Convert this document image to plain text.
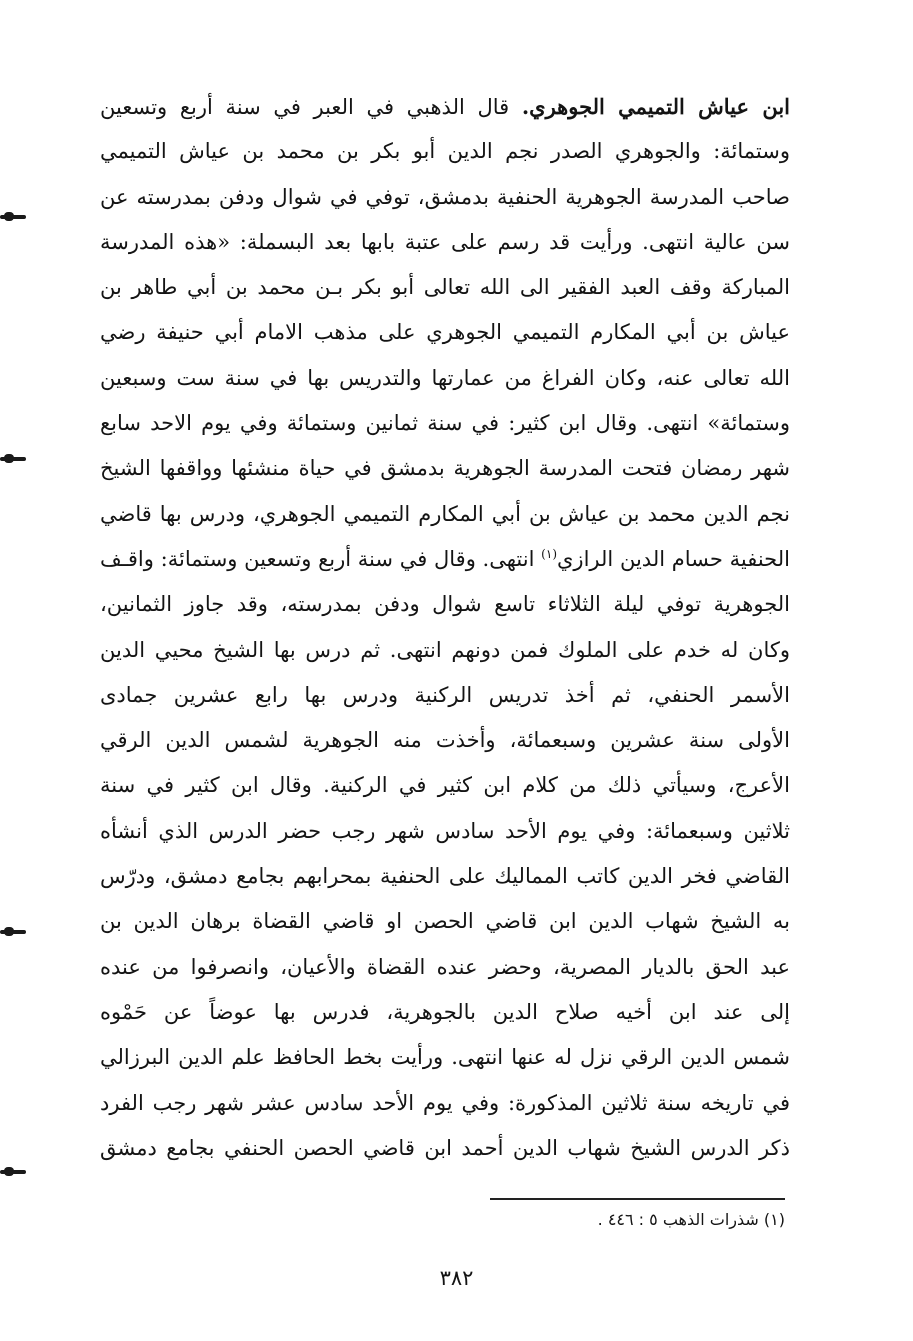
ابن عياش التميمي الجوهري. قال الذهبي في العبر في سنة أربع وتسعين
وستمائة: والجوهري الصدر نجم الدين أبو بكر بن محمد بن عياش التميمي
صاحب المدرسة الجوهرية الحنفية بدمشق، توفي في شوال ودفن بمدرسته عن
سن عالية انتهى. ورأيت قد رسم على عتبة بابها بعد البسملة: «هذه المدرسة
المباركة وقف العبد الفقير الى الله تعالى أبو بكر بـن محمد بن أبي طاهر بن
عياش بن أبي المكارم التميمي الجوهري على مذهب الامام أبي حنيفة رضي
الله تعالى عنه، وكان الفراغ من عمارتها والتدريس بها في سنة ست وسبعين
وستمائة» انتهى. وقال ابن كثير: في سنة ثمانين وستمائة وفي يوم الاحد سابع
شهر رمضان فتحت المدرسة الجوهرية بدمشق في حياة منشئها وواقفها الشيخ
نجم الدين محمد بن عياش بن أبي المكارم التميمي الجوهري، ودرس بها قاضي
الحنفية حسام الدين الرازي$^{(١)}$ انتهى. وقال في سنة أربع وتسعين وستمائة: واقـف
الجوهرية توفي ليلة الثلاثاء تاسع شوال ودفن بمدرسته، وقد جاوز الثمانين،
وكان له خدم على الملوك فمن دونهم انتهى. ثم درس بها الشيخ محيي الدين
الأسمر الحنفي، ثم أخذ تدريس الركنية ودرس بها رابع عشرين جمادى
الأولى سنة عشرين وسبعمائة، وأخذت منه الجوهرية لشمس الدين الرقي
الأعرج، وسيأتي ذلك من كلام ابن كثير في الركنية. وقال ابن كثير في سنة
ثلاثين وسبعمائة: وفي يوم الأحد سادس شهر رجب حضر الدرس الذي أنشأه
القاضي فخر الدين كاتب المماليك على الحنفية بمحرابهم بجامع دمشق، ودرّس
به الشيخ شهاب الدين ابن قاضي الحصن او قاضي القضاة برهان الدين بن
عبد الحق بالديار المصرية، وحضر عنده القضاة والأعيان، وانصرفوا من عنده
إلى عند ابن أخيه صلاح الدين بالجوهرية، فدرس بها عوضاً عن حَمْوه
شمس الدين الرقي نزل له عنها انتهى. ورأيت بخط الحافظ علم الدين البرزالي
في تاريخه سنة ثلاثين المذكورة: وفي يوم الأحد سادس عشر شهر رجب الفرد
ذكر الدرس الشيخ شهاب الدين أحمد ابن قاضي الحصن الحنفي بجامع دمشق
(١) شذرات الذهب ٥ : ٤٤٦ .
٣٨٢
